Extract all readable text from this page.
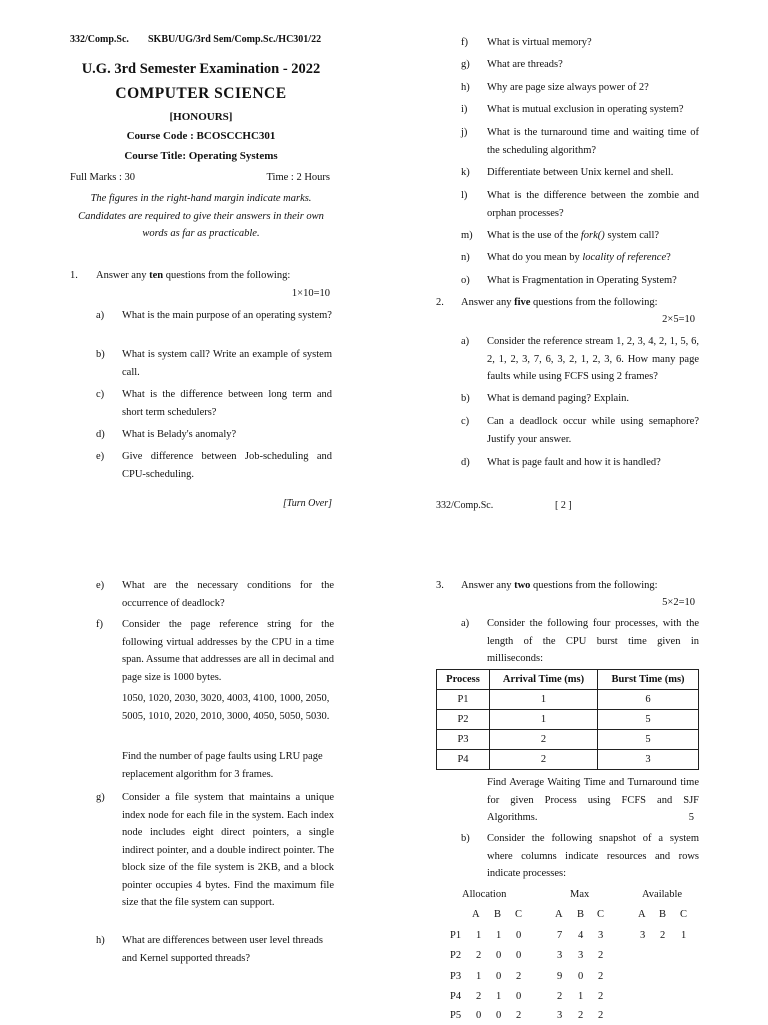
332/Comp.Sc. SKBU/UG/3rd Sem/Comp.Sc./HC301/22
U.G. 3rd Semester Examination - 2022
COMPUTER SCIENCE
[HONOURS]
Course Code : BCOSCCHC301
Course Title: Operating Systems
Full Marks : 30	Time : 2 Hours
The figures in the right-hand margin indicate marks. Candidates are required to give their answers in their own words as far as practicable.
1. Answer any ten questions from the following:
1×10=10
a) What is the main purpose of an operating system?
b) What is system call? Write an example of system call.
c) What is the difference between long term and short term schedulers?
d) What is Belady's anomaly?
e) Give difference between Job-scheduling and CPU-scheduling.
[Turn Over]
f) What is virtual memory?
g) What are threads?
h) Why are page size always power of 2?
i) What is mutual exclusion in operating system?
j) What is the turnaround time and waiting time of the scheduling algorithm?
k) Differentiate between Unix kernel and shell.
l) What is the difference between the zombie and orphan processes?
m) What is the use of the fork() system call?
n) What do you mean by locality of reference?
o) What is Fragmentation in Operating System?
2. Answer any five questions from the following:
2×5=10
a) Consider the reference stream 1, 2, 3, 4, 2, 1, 5, 6, 2, 1, 2, 3, 7, 6, 3, 2, 1, 2, 3, 6. How many page faults while using FCFS using 2 frames?
b) What is demand paging? Explain.
c) Can a deadlock occur while using semaphore? Justify your answer.
d) What is page fault and how it is handled?
332/Comp.Sc.	[ 2 ]
e) What are the necessary conditions for the occurrence of deadlock?
f) Consider the page reference string for the following virtual addresses by the CPU in a time span. Assume that addresses are all in decimal and page size is 1000 bytes.
1050, 1020, 2030, 3020, 4003, 4100, 1000, 2050, 5005, 1010, 2020, 2010, 3000, 4050, 5050, 5030.
Find the number of page faults using LRU page replacement algorithm for 3 frames.
g) Consider a file system that maintains a unique index node for each file in the system. Each index node includes eight direct pointers, a single indirect pointer, and a double indirect pointer. The block size of the file system is 2KB, and a block pointer occupies 4 bytes. Find the maximum file size that the file system can support.
h) What are differences between user level threads and Kernel supported threads?
3. Answer any two questions from the following:
5×2=10
a) Consider the following four processes, with the length of the CPU burst time given in milliseconds:
Process	Arrival Time (ms)	Burst Time (ms)
P1	1	6
P2	1	5
P3	2	5
P4	2	3
Find Average Waiting Time and Turnaround time for given Process using FCFS and SJF Algorithms.	5
b) Consider the following snapshot of a system where columns indicate resources and rows indicate processes:
Allocation	Max	Available
A B C	A B C	A B C
P1 1 1 0	7 4 3	3 2 1
P2 2 0 0	3 3 2
P3 1 0 2	9 0 2
P4 2 1 0	2 1 2
P5 0 0 2	3 2 2
